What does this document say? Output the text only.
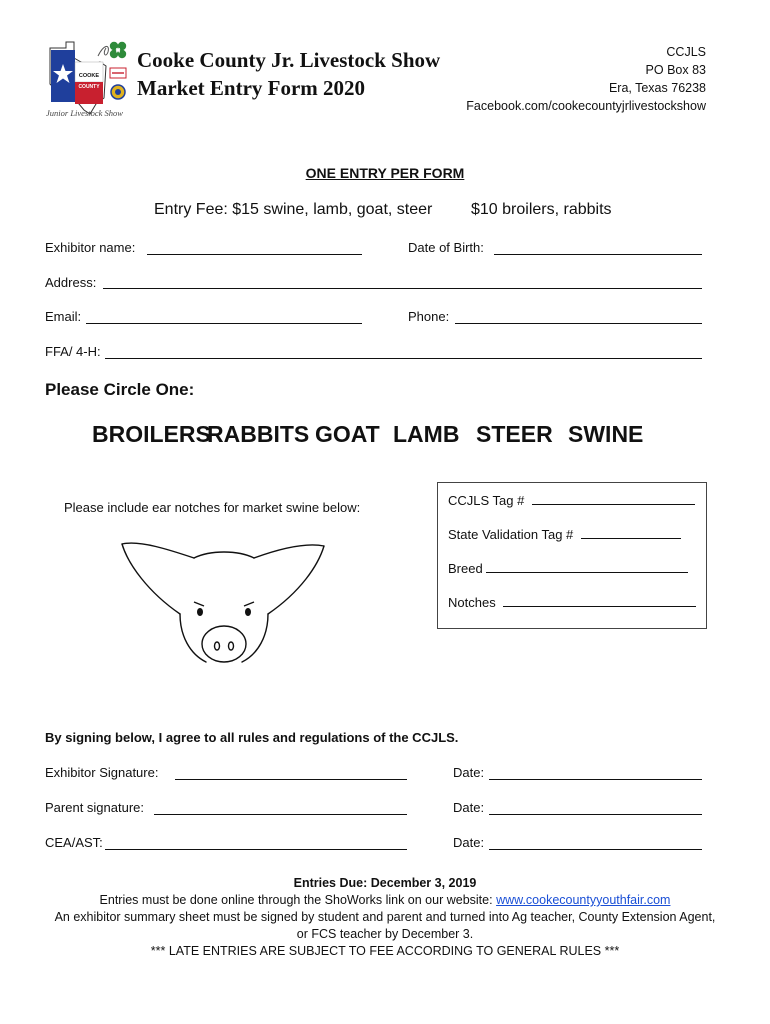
COOKE
COUNTY
H
Junior Livestock Show
Cooke County Jr. Livestock Show
Market Entry Form 2020
CCJLS
PO Box 83
Era, Texas 76238
Facebook.com/cookecountyjrlivestockshow
ONE ENTRY PER FORM
Entry Fee: $15 swine, lamb, goat, steer $10 broilers, rabbits
Exhibitor name:	Date of Birth:
Address:
Email:	Phone:
FFA/ 4-H:
Please Circle One:
BROILERS
RABBITS GOAT LAMB STEER SWINE
Please include ear notches for market swine below:	CCJLS Tag #
State Validation Tag #
Breed
Notches
By signing below, I agree to all rules and regulations of the CCJLS.
Exhibitor Signature:	Date:
Parent signature:	Date:
CEA/AST:	Date:
Entries Due: December 3, 2019
Entries must be done online through the ShoWorks link on our website: www.cookecountyyouthfair.com
An exhibitor summary sheet must be signed by student and parent and turned into Ag teacher, County Extension Agent,
or FCS teacher by December 3.
*** LATE ENTRIES ARE SUBJECT TO FEE ACCORDING TO GENERAL RULES ***
